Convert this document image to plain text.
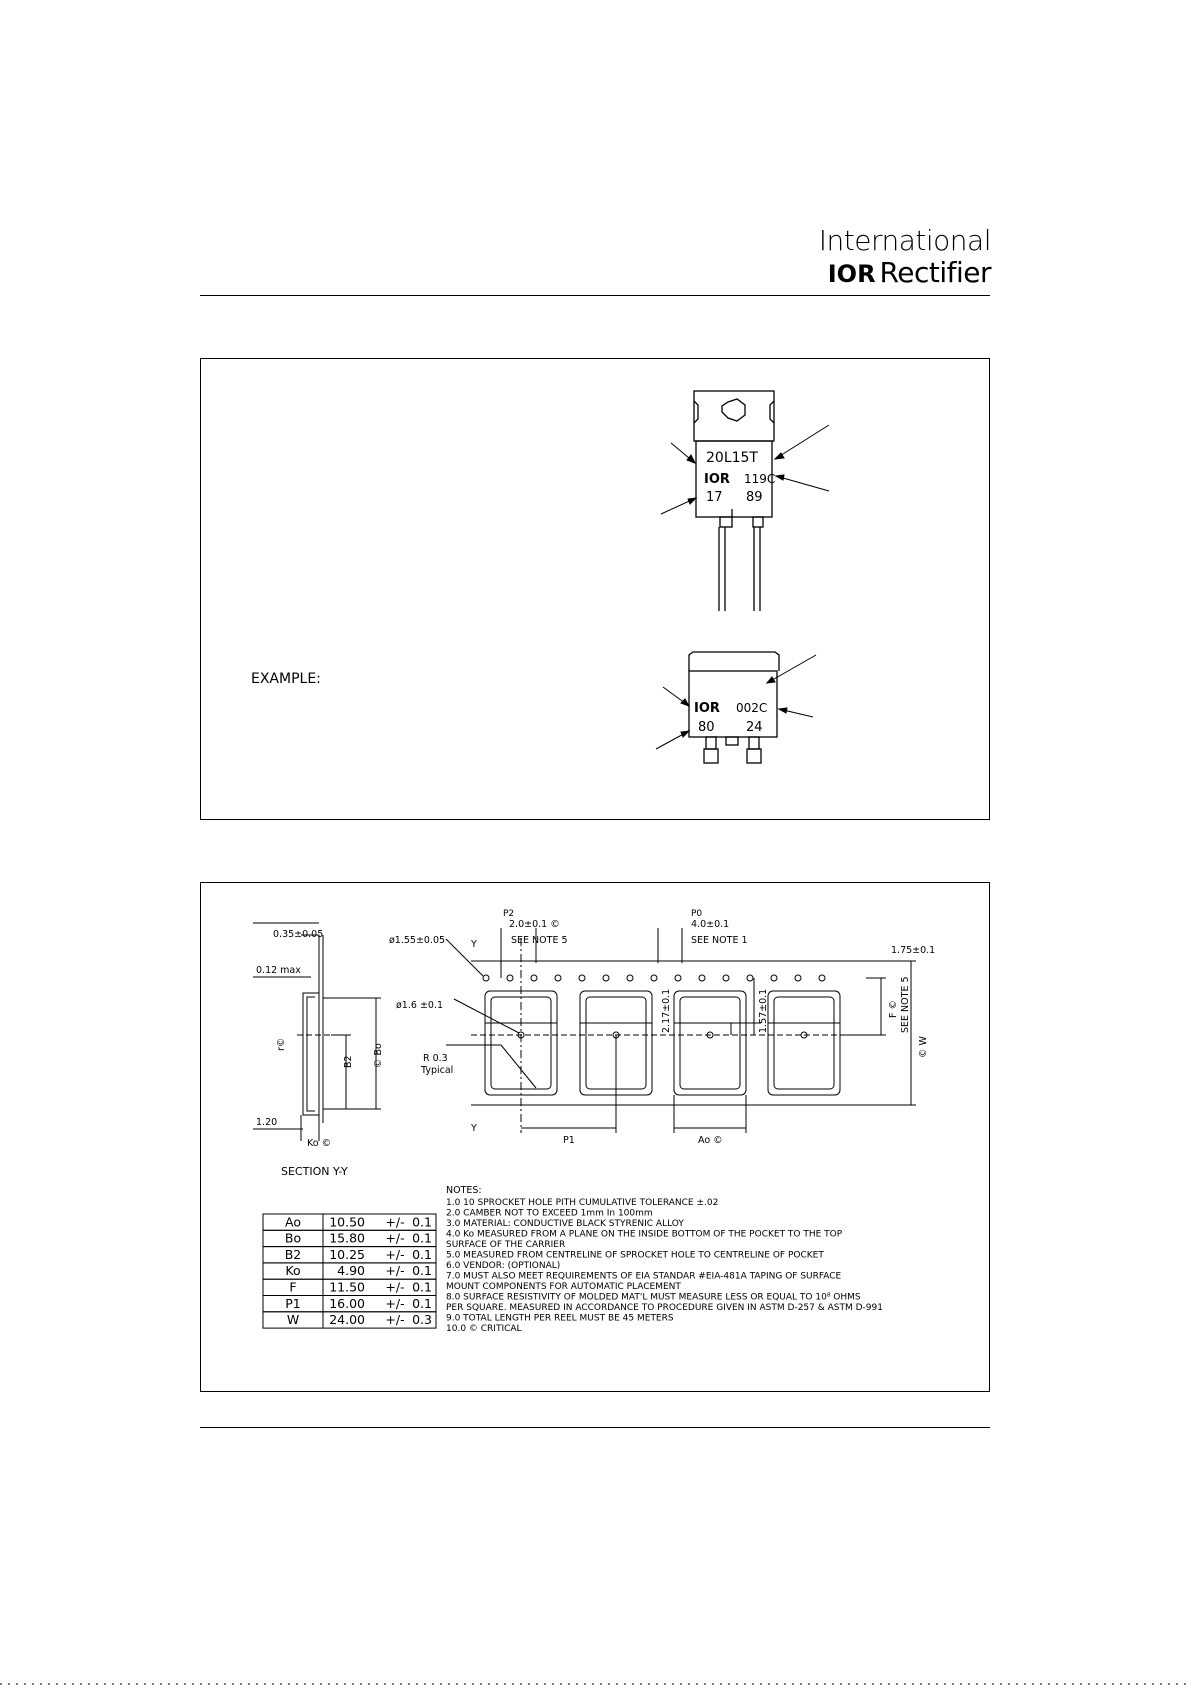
International
IOR Rectifier
EXAMPLE:
20L15T
IOR 119C
17 89
IOR 002C
80 24
0.35±0.05
0.12 max
r©
B2 © Bo
1.20
Ko ©
SECTION Y-Y
ø1.55±0.05	Y
P2
2.0±0.1 ©
SEE NOTE 5
P0
4.0±0.1
SEE NOTE 1
1.75±0.1
ø1.6 ±0.1
R 0.3
Typical
2.17±0.1	1.57±0.1	F © SEE NOTE 5
© W
Y
P1	Ao ©
NOTES:
1.0 10 SPROCKET HOLE PITH CUMULATIVE TOLERANCE ±.02
2.0 CAMBER NOT TO EXCEED 1mm In 100mm
3.0 MATERIAL: CONDUCTIVE BLACK STYRENIC ALLOY
4.0 Ko MEASURED FROM A PLANE ON THE INSIDE BOTTOM OF THE POCKET TO THE TOP
SURFACE OF THE CARRIER
5.0 MEASURED FROM CENTRELINE OF SPROCKET HOLE TO CENTRELINE OF POCKET
6.0 VENDOR: (OPTIONAL)
7.0 MUST ALSO MEET REQUIREMENTS OF EIA STANDAR #EIA-481A TAPING OF SURFACE
MOUNT COMPONENTS FOR AUTOMATIC PLACEMENT
8.0 SURFACE RESISTIVITY OF MOLDED MAT'L MUST MEASURE LESS OR EQUAL TO 10⁸ OHMS
PER SQUARE. MEASURED IN ACCORDANCE TO PROCEDURE GIVEN IN ASTM D-257 & ASTM D-991
9.0 TOTAL LENGTH PER REEL MUST BE 45 METERS
10.0 © CRITICAL
Ao 10.50 +/- 0.1
Bo 15.80 +/- 0.1
B2 10.25 +/- 0.1
Ko	4.90 +/- 0.1
F	11.50 +/- 0.1
P1 16.00 +/- 0.1
W 24.00 +/- 0.3
